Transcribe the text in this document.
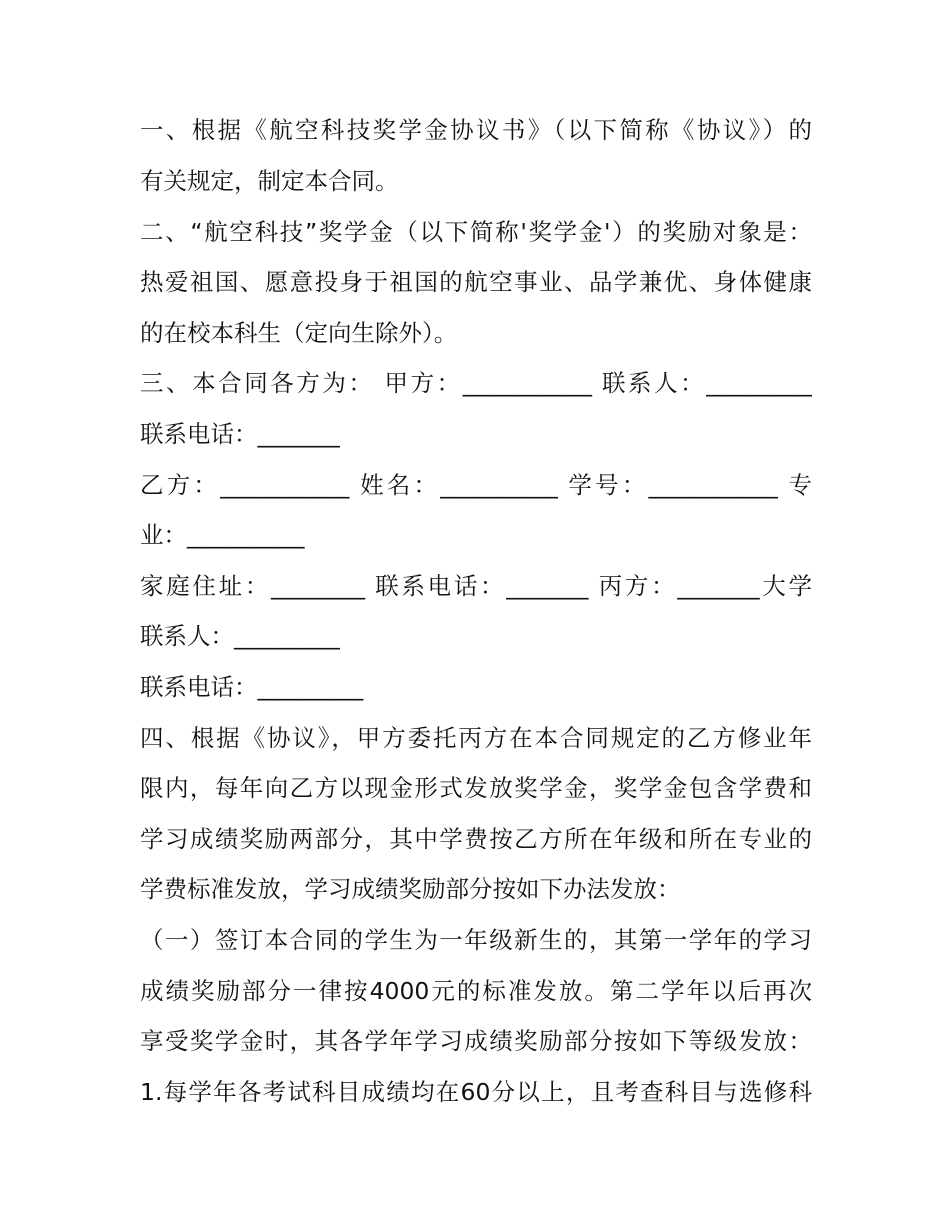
一、根据《航空科技奖学金协议书》（以下简称《协议》）的
有关规定，制定本合同。
二、“航空科技”奖学金（以下简称'奖学金'）的奖励对象是：
热爱祖国、愿意投身于祖国的航空事业、品学兼优、身体健康
的在校本科生（定向生除外）。
三、本合同各方为： 甲方：___________ 联系人：_________
联系电话：_______
乙方：___________ 姓名：__________ 学号：___________ 专
业：__________
家庭住址：________ 联系电话：_______ 丙方：_______大学
联系人：_________
联系电话：_________
四、根据《协议》，甲方委托丙方在本合同规定的乙方修业年
限内，每年向乙方以现金形式发放奖学金，奖学金包含学费和
学习成绩奖励两部分，其中学费按乙方所在年级和所在专业的
学费标准发放，学习成绩奖励部分按如下办法发放：
（一）签订本合同的学生为一年级新生的，其第一学年的学习
成绩奖励部分一律按4000元的标准发放。第二学年以后再次
享受奖学金时，其各学年学习成绩奖励部分按如下等级发放：
1.每学年各考试科目成绩均在60分以上，且考查科目与选修科
